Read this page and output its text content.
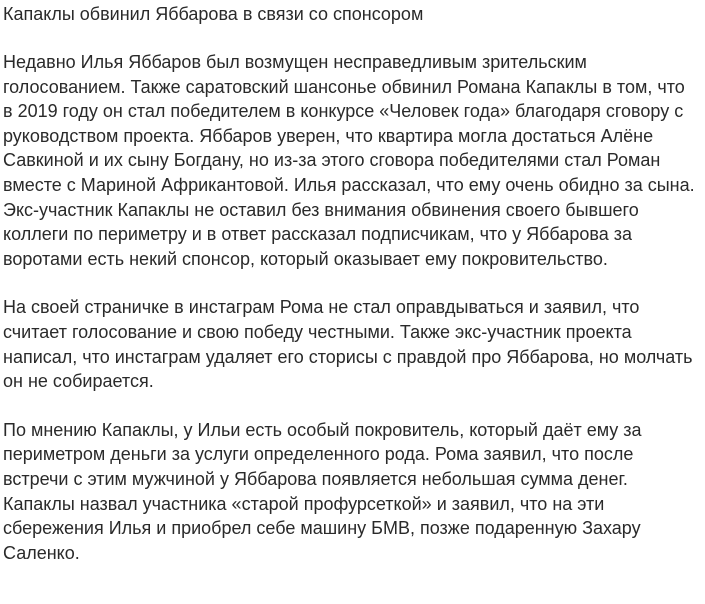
Капаклы обвинил Яббарова в связи со спонсором

Недавно Илья Яббаров был возмущен несправедливым зрительским голосованием. Также саратовский шансонье обвинил Романа Капаклы в том, что в 2019 году он стал победителем в конкурсе «Человек года» благодаря сговору с руководством проекта. Яббаров уверен, что квартира могла достаться Алёне Савкиной и их сыну Богдану, но из-за этого сговора победителями стал Роман вместе с Мариной Африкантовой. Илья рассказал, что ему очень обидно за сына. Экс-участник Капаклы не оставил без внимания обвинения своего бывшего коллеги по периметру и в ответ рассказал подписчикам, что у Яббарова за воротами есть некий спонсор, который оказывает ему покровительство.

На своей страничке в инстаграм Рома не стал оправдываться и заявил, что считает голосование и свою победу честными. Также экс-участник проекта написал, что инстаграм удаляет его сторисы с правдой про Яббарова, но молчать он не собирается.

По мнению Капаклы, у Ильи есть особый покровитель, который даёт ему за периметром деньги за услуги определенного рода. Рома заявил, что после встречи с этим мужчиной у Яббарова появляется небольшая сумма денег. Капаклы назвал участника «старой профурсеткой» и заявил, что на эти сбережения Илья и приобрел себе машину БМВ, позже подаренную Захару Саленко.
